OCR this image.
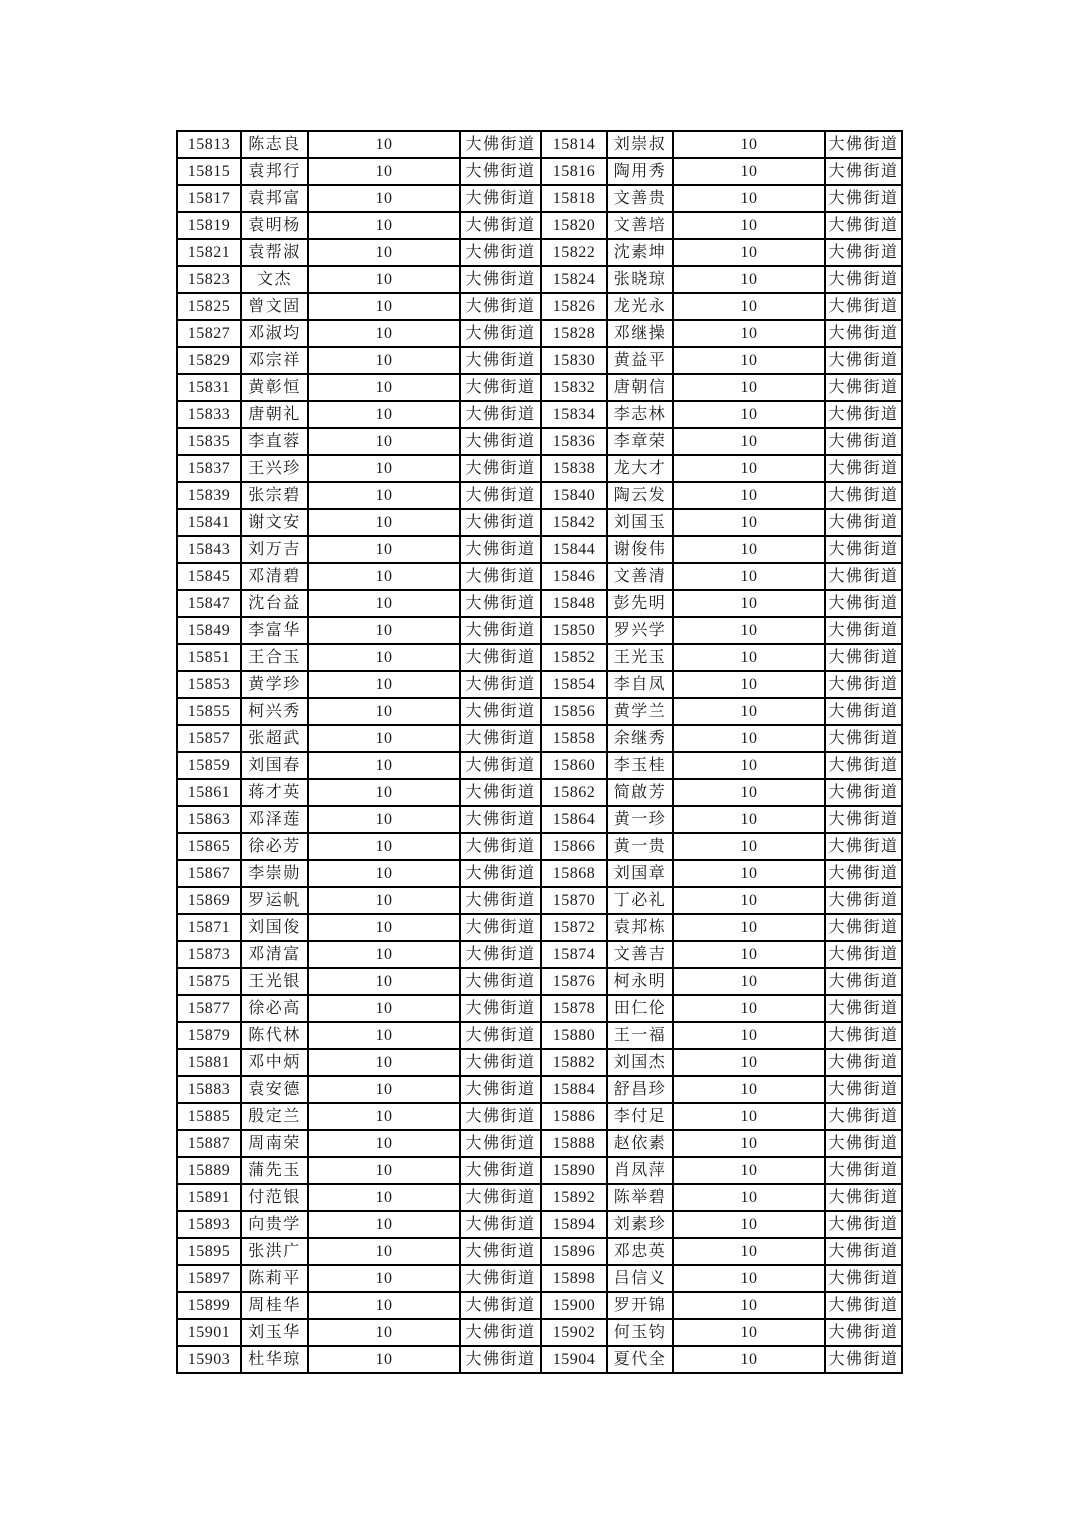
15813	陈志良	10	大佛街道	15814	刘崇叔	10	大佛街道
15815	袁邦行	10	大佛街道	15816	陶用秀	10	大佛街道
15817	袁邦富	10	大佛街道	15818	文善贵	10	大佛街道
15819	袁明杨	10	大佛街道	15820	文善培	10	大佛街道
15821	袁帮淑	10	大佛街道	15822	沈素坤	10	大佛街道
15823	文杰	10	大佛街道	15824	张晓琼	10	大佛街道
15825	曾文固	10	大佛街道	15826	龙光永	10	大佛街道
15827	邓淑均	10	大佛街道	15828	邓继操	10	大佛街道
15829	邓宗祥	10	大佛街道	15830	黄益平	10	大佛街道
15831	黄彰恒	10	大佛街道	15832	唐朝信	10	大佛街道
15833	唐朝礼	10	大佛街道	15834	李志林	10	大佛街道
15835	李直蓉	10	大佛街道	15836	李章荣	10	大佛街道
15837	王兴珍	10	大佛街道	15838	龙大才	10	大佛街道
15839	张宗碧	10	大佛街道	15840	陶云发	10	大佛街道
15841	谢文安	10	大佛街道	15842	刘国玉	10	大佛街道
15843	刘万吉	10	大佛街道	15844	谢俊伟	10	大佛街道
15845	邓清碧	10	大佛街道	15846	文善清	10	大佛街道
15847	沈台益	10	大佛街道	15848	彭先明	10	大佛街道
15849	李富华	10	大佛街道	15850	罗兴学	10	大佛街道
15851	王合玉	10	大佛街道	15852	王光玉	10	大佛街道
15853	黄学珍	10	大佛街道	15854	李自凤	10	大佛街道
15855	柯兴秀	10	大佛街道	15856	黄学兰	10	大佛街道
15857	张超武	10	大佛街道	15858	余继秀	10	大佛街道
15859	刘国春	10	大佛街道	15860	李玉桂	10	大佛街道
15861	蒋才英	10	大佛街道	15862	简啟芳	10	大佛街道
15863	邓泽莲	10	大佛街道	15864	黄一珍	10	大佛街道
15865	徐必芳	10	大佛街道	15866	黄一贵	10	大佛街道
15867	李崇勋	10	大佛街道	15868	刘国章	10	大佛街道
15869	罗运帆	10	大佛街道	15870	丁必礼	10	大佛街道
15871	刘国俊	10	大佛街道	15872	袁邦栋	10	大佛街道
15873	邓清富	10	大佛街道	15874	文善吉	10	大佛街道
15875	王光银	10	大佛街道	15876	柯永明	10	大佛街道
15877	徐必高	10	大佛街道	15878	田仁伦	10	大佛街道
15879	陈代林	10	大佛街道	15880	王一福	10	大佛街道
15881	邓中炳	10	大佛街道	15882	刘国杰	10	大佛街道
15883	袁安德	10	大佛街道	15884	舒昌珍	10	大佛街道
15885	殷定兰	10	大佛街道	15886	李付足	10	大佛街道
15887	周南荣	10	大佛街道	15888	赵依素	10	大佛街道
15889	蒲先玉	10	大佛街道	15890	肖凤萍	10	大佛街道
15891	付范银	10	大佛街道	15892	陈举碧	10	大佛街道
15893	向贵学	10	大佛街道	15894	刘素珍	10	大佛街道
15895	张洪广	10	大佛街道	15896	邓忠英	10	大佛街道
15897	陈莉平	10	大佛街道	15898	吕信义	10	大佛街道
15899	周桂华	10	大佛街道	15900	罗开锦	10	大佛街道
15901	刘玉华	10	大佛街道	15902	何玉钧	10	大佛街道
15903	杜华琼	10	大佛街道	15904	夏代全	10	大佛街道
